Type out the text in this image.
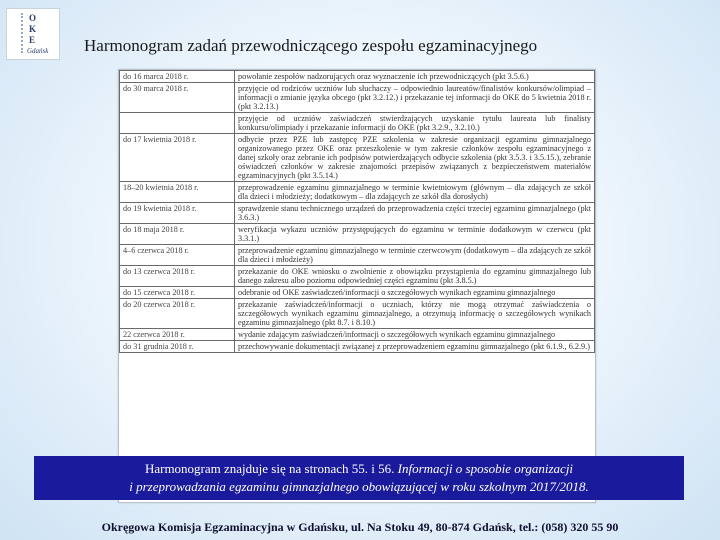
O
K
E
Gdańsk Harmonogram zadań przewodniczącego zespołu egzaminacyjnego
do 16 marca 2018 r.	powołanie zespołów nadzorujących oraz wyznaczenie ich przewodniczących (pkt 3.5.6.)
do 30 marca 2018 r.	przyjęcie od rodziców uczniów lub słuchaczy – odpowiednio laureatów/finalistów konkursów/olimpiad – informacji o zmianie języka obcego (pkt 3.2.12.) i przekazanie tej informacji do OKE do 5 kwietnia 2018 r. (pkt 3.2.13.)
	przyjęcie od uczniów zaświadczeń stwierdzających uzyskanie tytułu laureata lub finalisty konkursu/olimpiady i przekazanie informacji do OKE (pkt 3.2.9., 3.2.10.)
do 17 kwietnia 2018 r.	odbycie przez PZE lub zastępcę PZE szkolenia w zakresie organizacji egzaminu gimnazjalnego organizowanego przez OKE oraz przeszkolenie w tym zakresie członków zespołu egzaminacyjnego z danej szkoły oraz zebranie ich podpisów potwierdzających odbycie szkolenia (pkt 3.5.3. i 3.5.15.), zebranie oświadczeń członków w zakresie znajomości przepisów związanych z bezpieczeństwem materiałów egzaminacyjnych (pkt 3.5.14.)
18–20 kwietnia 2018 r.	przeprowadzenie egzaminu gimnazjalnego w terminie kwietniowym (głównym – dla zdających ze szkół dla dzieci i młodzieży; dodatkowym – dla zdających ze szkół dla dorosłych)
do 19 kwietnia 2018 r.	sprawdzenie stanu technicznego urządzeń do przeprowadzenia części trzeciej egzaminu gimnazjalnego (pkt 3.6.3.)
do 18 maja 2018 r.	weryfikacja wykazu uczniów przystępujących do egzaminu w terminie dodatkowym w czerwcu (pkt 3.3.1.)
4–6 czerwca 2018 r.	przeprowadzenie egzaminu gimnazjalnego w terminie czerwcowym (dodatkowym – dla zdających ze szkół dla dzieci i młodzieży)
do 13 czerwca 2018 r.	przekazanie do OKE wniosku o zwolnienie z obowiązku przystąpienia do egzaminu gimnazjalnego lub danego zakresu albo poziomu odpowiedniej części egzaminu (pkt 3.8.5.)
do 15 czerwca 2018 r.	odebranie od OKE zaświadczeń/informacji o szczegółowych wynikach egzaminu gimnazjalnego
do 20 czerwca 2018 r.	przekazanie zaświadczeń/informacji o uczniach, którzy nie mogą otrzymać zaświadczenia o szczegółowych wynikach egzaminu gimnazjalnego, a otrzymują informację o szczegółowych wynikach egzaminu gimnazjalnego (pkt 8.7. i 8.10.)
22 czerwca 2018 r.	wydanie zdającym zaświadczeń/informacji o szczegółowych wynikach egzaminu gimnazjalnego
do 31 grudnia 2018 r.	przechowywanie dokumentacji związanej z przeprowadzeniem egzaminu gimnazjalnego (pkt 6.1.9., 6.2.9.)
Harmonogram znajduje się na stronach 55. i 56. Informacji o sposobie organizacji
i przeprowadzania egzaminu gimnazjalnego obowiązującej w roku szkolnym 2017/2018.
Okręgowa Komisja Egzaminacyjna w Gdańsku, ul. Na Stoku 49, 80-874 Gdańsk, tel.: (058) 320 55 90
